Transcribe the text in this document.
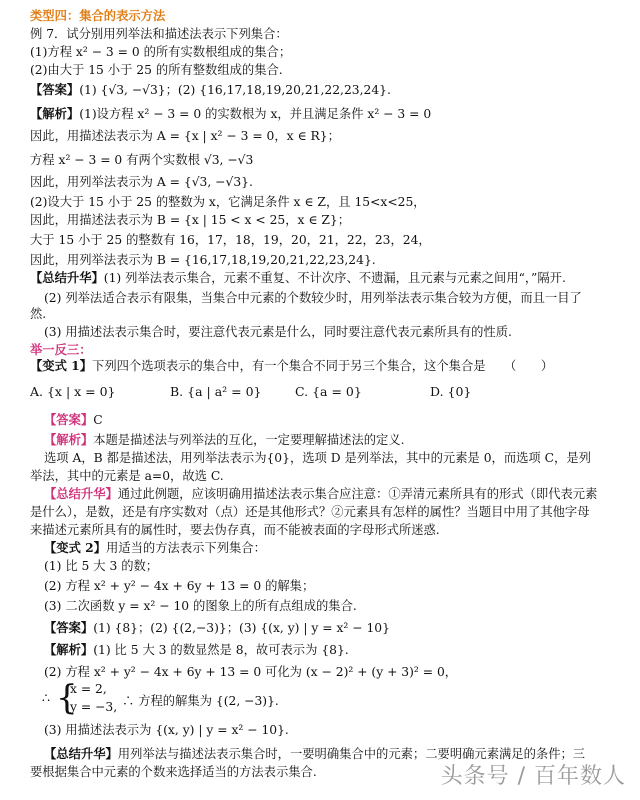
类型四：集合的表示方法
例 7．试分别用列举法和描述法表示下列集合：
(1)方程 x² − 3 = 0 的所有实数根组成的集合；
(2)由大于 15 小于 25 的所有整数组成的集合.
【答案】(1) {√3, −√3}；(2) {16,17,18,19,20,21,22,23,24}.
【解析】(1)设方程 x² − 3 = 0 的实数根为 x，并且满足条件 x² − 3 = 0
因此，用描述法表示为 A = {x | x² − 3 = 0，x ∈ R}；
方程 x² − 3 = 0 有两个实数根 √3, −√3
因此，用列举法表示为 A = {√3, −√3}.
(2)设大于 15 小于 25 的整数为 x，它满足条件 x ∈ Z，且 15<x<25，
因此，用描述法表示为 B = {x | 15 < x < 25，x ∈ Z}；
大于 15 小于 25 的整数有 16，17，18，19，20，21，22，23，24，
因此，用列举法表示为 B = {16,17,18,19,20,21,22,23,24}.
【总结升华】(1) 列举法表示集合，元素不重复、不计次序、不遗漏，且元素与元素之间用“，”隔开.
(2) 列举法适合表示有限集，当集合中元素的个数较少时，用列举法表示集合较为方便，而且一目了
然.
(3) 用描述法表示集合时，要注意代表元素是什么，同时要注意代表元素所具有的性质.
举一反三：
【变式 1】下列四个选项表示的集合中，有一个集合不同于另三个集合，这个集合是　　（　　）
A. {x | x = 0}	B. {a | a² = 0}	C. {a = 0}	D. {0}
【答案】C
【解析】本题是描述法与列举法的互化，一定要理解描述法的定义.
选项 A，B 都是描述法，用列举法表示为{0}，选项 D 是列举法，其中的元素是 0，而选项 C，是列
举法，其中的元素是 a=0，故选 C.
【总结升华】通过此例题，应该明确用描述法表示集合应注意：①弄清元素所具有的形式（即代表元素
是什么），是数，还是有序实数对（点）还是其他形式？②元素具有怎样的属性？当题目中用了其他字母
来描述元素所具有的属性时，要去伪存真，而不能被表面的字母形式所迷惑.
【变式 2】用适当的方法表示下列集合：
(1) 比 5 大 3 的数；
(2) 方程 x² + y² − 4x + 6y + 13 = 0 的解集；
(3) 二次函数 y = x² − 10 的图象上的所有点组成的集合.
【答案】(1) {8}；(2) {(2,−3)}；(3) {(x, y) | y = x² − 10}
【解析】(1) 比 5 大 3 的数显然是 8，故可表示为 {8}.
(2) 方程 x² + y² − 4x + 6y + 13 = 0 可化为 (x − 2)² + (y + 3)² = 0，
∴ {
x = 2,
y = −3, ∴ 方程的解集为 {(2, −3)}.
(3) 用描述法表示为 {(x, y) | y = x² − 10}.
【总结升华】用列举法与描述法表示集合时，一要明确集合中的元素；二要明确元素满足的条件；三
要根据集合中元素的个数来选择适当的方法表示集合.	头条号 / 百年数人
